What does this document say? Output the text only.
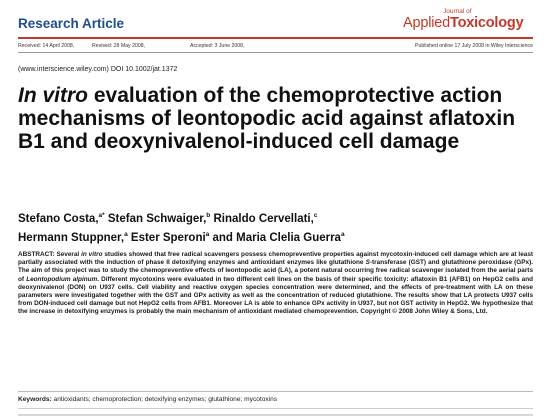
Research Article
Journal of
AppliedToxicology
Received: 14 April 2008,	Revised: 28 May 2008,	Accepted: 3 June 2008,	Published online 17 July 2008 in Wiley Interscience
(www.interscience.wiley.com) DOI 10.1002/jat.1372
In vitro evaluation of the chemoprotective action mechanisms of leontopodic acid against aflatoxin B1 and deoxynivalenol-induced cell damage
Stefano Costa,$^{a*}$ Stefan Schwaiger,$^b$ Rinaldo Cervellati,$^c$
Hermann Stuppner,$^a$ Ester Speroni$^a$ and Maria Clelia Guerra$^a$
ABSTRACT: Several in vitro studies showed that free radical scavengers possess chemopreventive properties against mycotoxin-induced cell damage which are at least partially associated with the induction of phase II detoxifying enzymes and antioxidant enzymes like glutathione S-transferase (GST) and glutathione peroxidase (GPx). The aim of this project was to study the chemopreventive effects of leontopodic acid (LA), a potent natural occurring free radical scavenger isolated from the aerial parts of Leontopodium alpinum. Different mycotoxins were evaluated in two different cell lines on the basis of their specific toxicity: aflatoxin B1 (AFB1) on HepG2 cells and deoxynivalenol (DON) on U937 cells. Cell viability and reactive oxygen species concentration were determined, and the effects of pre-treatment with LA on these parameters were investigated together with the GST and GPx activity as well as the concentration of reduced glutathione. The results show that LA protects U937 cells from DON-induced cell damage but not HepG2 cells from AFB1. Moreover LA is able to enhance GPx activity in U937, but not GST activity in HepG2. We hypothesize that the increase in detoxifying enzymes is probably the main mechanism of antioxidant mediated chemoprevention. Copyright © 2008 John Wiley & Sons, Ltd.
Keywords: antioxidants; chemoprotection; detoxifying enzymes; glutathione; mycotoxins
